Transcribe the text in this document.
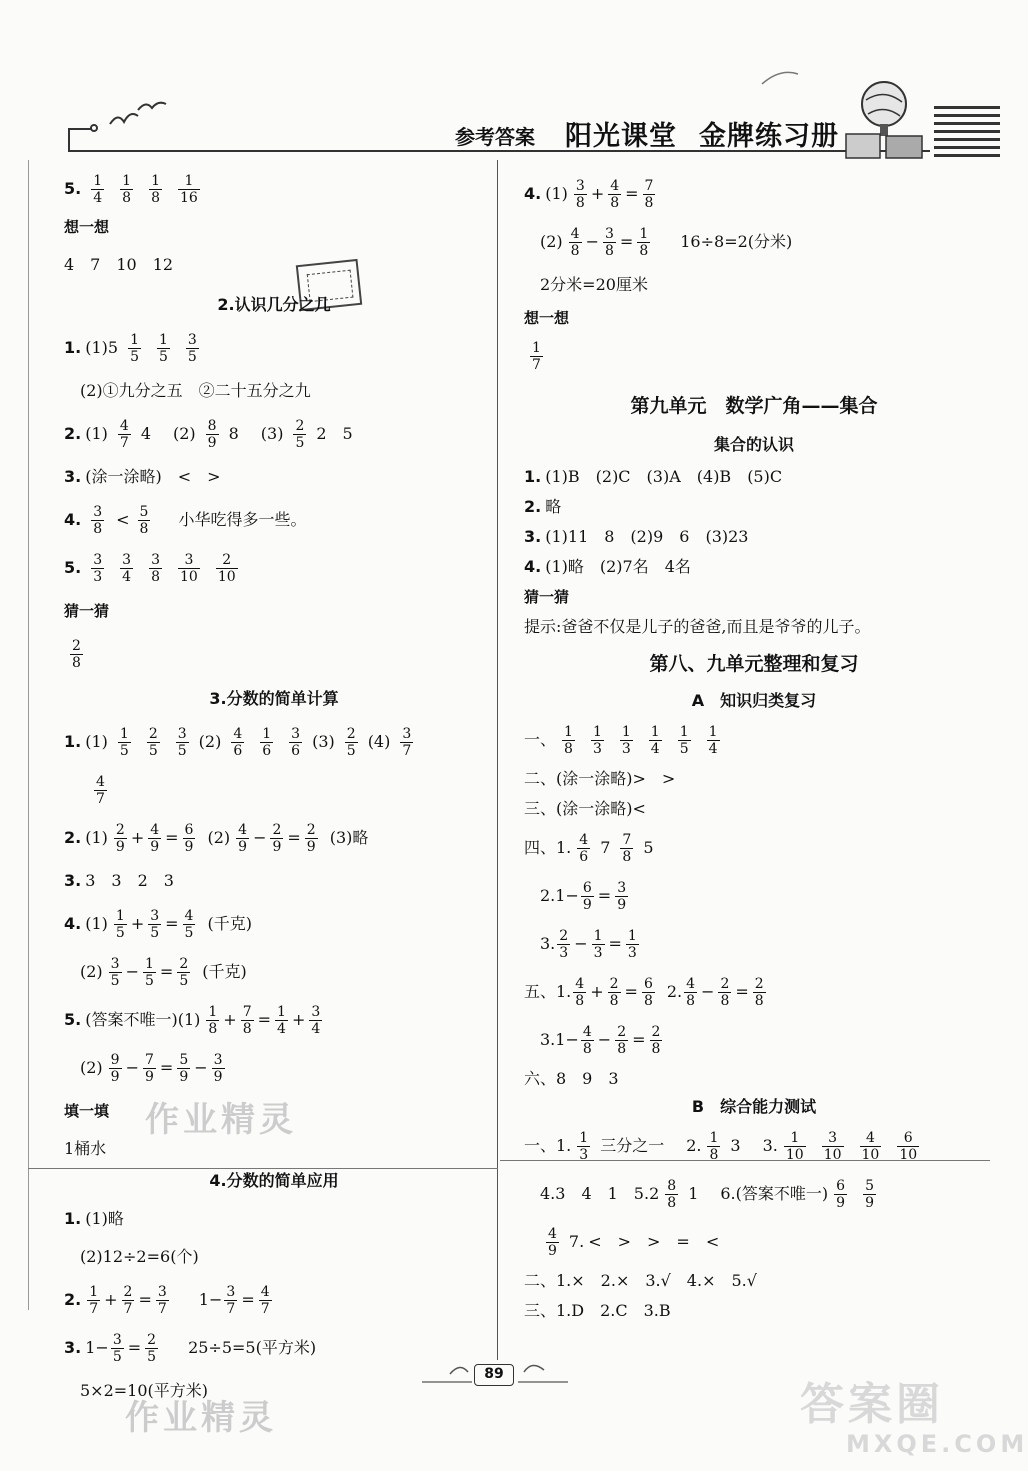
参考答案 阳光课堂 金牌练习册
5. $\frac{1}{4} \frac{1}{8} \frac{1}{8} \frac{1}{16}$
想一想
4　7　10　12
2.认识几分之几
1. $(1)5 \frac{1}{5} \frac{1}{5} \frac{3}{5}$
(2)①九分之五　②二十五分之九
2. $(1) \frac{4}{7} 4$ $(2) \frac{8}{9} 8$ $(3) \frac{2}{5} 2$　5
3. (涂一涂略)　<　>
4. $\frac{3}{8} < \frac{5}{8}$ 小华吃得多一些。
5. $\frac{3}{3} \frac{3}{4} \frac{3}{8} \frac{3}{10} \frac{2}{10}$
猜一猜
$\frac{2}{8}$
3.分数的简单计算
1. $(1) \frac{1}{5} \frac{2}{5} \frac{3}{5} (2) \frac{4}{6} \frac{1}{6} \frac{3}{6} (3) \frac{2}{5} (4) \frac{3}{7}$
$\frac{4}{7}$
2. $(1) \frac{2}{9} + \frac{4}{9} = \frac{6}{9} (2) \frac{4}{9} - \frac{2}{9} = \frac{2}{9} (3)$略
3. 3　3　2　3
4. $(1) \frac{1}{5} + \frac{3}{5} = \frac{4}{5}$ (千克)
$(2) \frac{3}{5} - \frac{1}{5} = \frac{2}{5}$ (千克)
5. (答案不唯一)$(1) \frac{1}{8} + \frac{7}{8} = \frac{1}{4} + \frac{3}{4}$
$(2) \frac{9}{9} - \frac{7}{9} = \frac{5}{9} - \frac{3}{9}$
填一填
1桶水
4.分数的简单应用
1. (1)略
(2)12÷2=6(个)
2. $\frac{1}{7} + \frac{2}{7} = \frac{3}{7} 1- \frac{3}{7} = \frac{4}{7}$
3. $1- \frac{3}{5} = \frac{2}{5} 25\div 5=5$(平方米)
5×2=10(平方米)
4. $(1) \frac{3}{8} + \frac{4}{8} = \frac{7}{8}$
$(2) \frac{4}{8} - \frac{3}{8} = \frac{1}{8} 16\div 8=2$(分米)
2分米=20厘米
想一想
$\frac{1}{7}$
第九单元　数学广角——集合
集合的认识
1. (1)B　(2)C　(3)A　(4)B　(5)C
2. 略
3. (1)11　8　(2)9　6　(3)23
4. (1)略　(2)7名　4名
猜一猜
提示:爸爸不仅是儿子的爸爸,而且是爷爷的儿子。
第八、九单元整理和复习
A　知识归类复习
一、 $\frac{1}{8} \frac{1}{3} \frac{1}{3} \frac{1}{4} \frac{1}{5} \frac{1}{4}$
二、(涂一涂略)>　>
三、(涂一涂略)<
四、1. $\frac{4}{6} 7 \frac{7}{8} 5$
$2.1- \frac{6}{9} = \frac{3}{9}$
3. $\frac{2}{3} - \frac{1}{3} = \frac{1}{3}$
五、1. $\frac{4}{8} + \frac{2}{8} = \frac{6}{8} 2$. $\frac{4}{8} - \frac{2}{8} = \frac{2}{8}$
$3.1- \frac{4}{8} - \frac{2}{8} = \frac{2}{8}$
六、8　9　3
B　综合能力测试
一、1. $\frac{1}{3}$ 三分之一 2. $\frac{1}{8} 3$ 3. $\frac{1}{10} \frac{3}{10} \frac{4}{10} \frac{6}{10}$
4.3　4　1　$5.2 \frac{8}{8} 1$ 6.(答案不唯一) $\frac{6}{9} \frac{5}{9}$
$\frac{4}{9} 7$. <　>　>　=　<
二、1.×　2.×　3.√　4.×　5.√
三、1.D　2.C　3.B
作业精灵
作业精灵	答案圈
MXQE.COM
89
